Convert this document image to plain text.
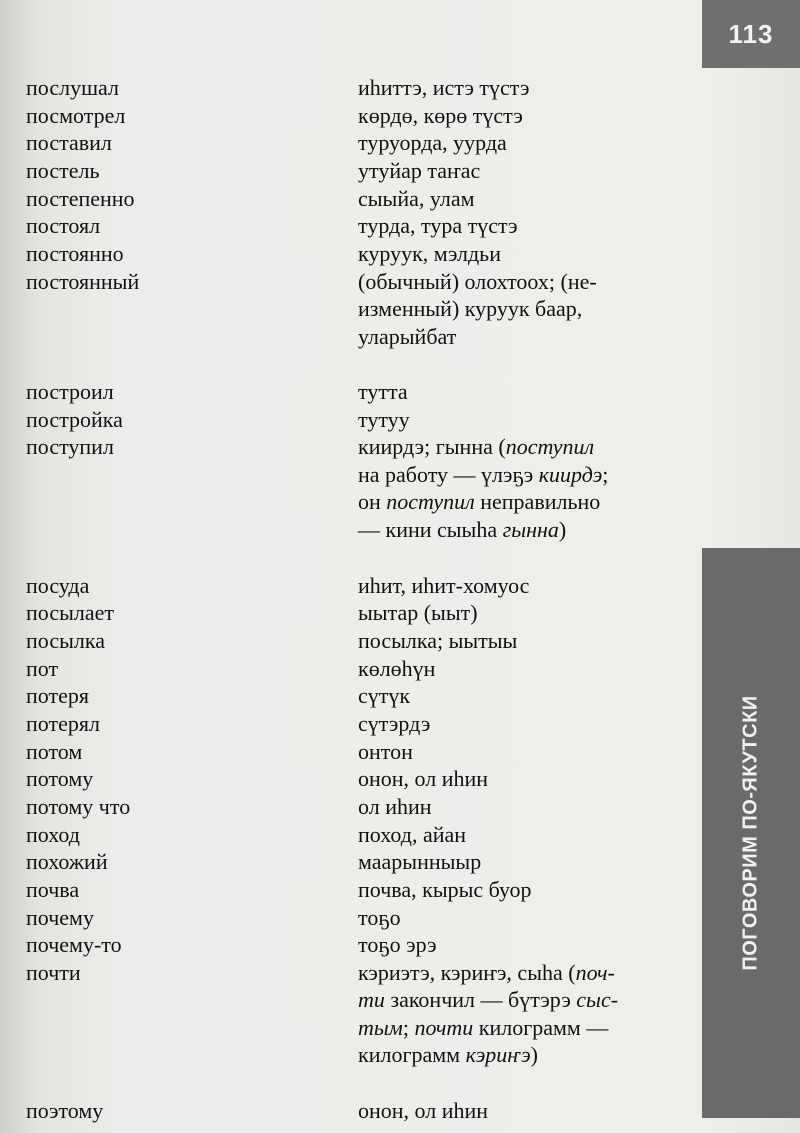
113
ПОГОВОРИМ ПО-ЯКУТСКИ
послушал	иһиттэ, истэ түстэ
посмотрел	көрдө, көрө түстэ
поставил	туруорда, уурда
постель	утуйар таҥас
постепенно	сыыйа, улам
постоял	турда, тура түстэ
постоянно	куруук, мэлдьи
постоянный	(обычный) олохтоох; (не-
изменный) куруук баар,
уларыйбат
построил	тутта
постройка	тутуу
поступил	киирдэ; гынна (поступил
на работу — үлэҕэ киирдэ;
он поступил неправильно
— кини сыыһа гынна)
посуда	иһит, иһит-хомуос
посылает	ыытар (ыыт)
посылка	посылка; ыытыы
пот	көлөһүн
потеря	сүтүк
потерял	сүтэрдэ
потом	онтон
потому	онон, ол иһин
потому что	ол иһин
поход	поход, айан
похожий	маарынныыр
почва	почва, кырыс буор
почему	тоҕо
почему-то	тоҕо эрэ
почти	кэриэтэ, кэриҥэ, сыһа (поч-
ти закончил — бүтэрэ сыс-
тым; почти килограмм —
килограмм кэриҥэ)
поэтому	онон, ол иһин
